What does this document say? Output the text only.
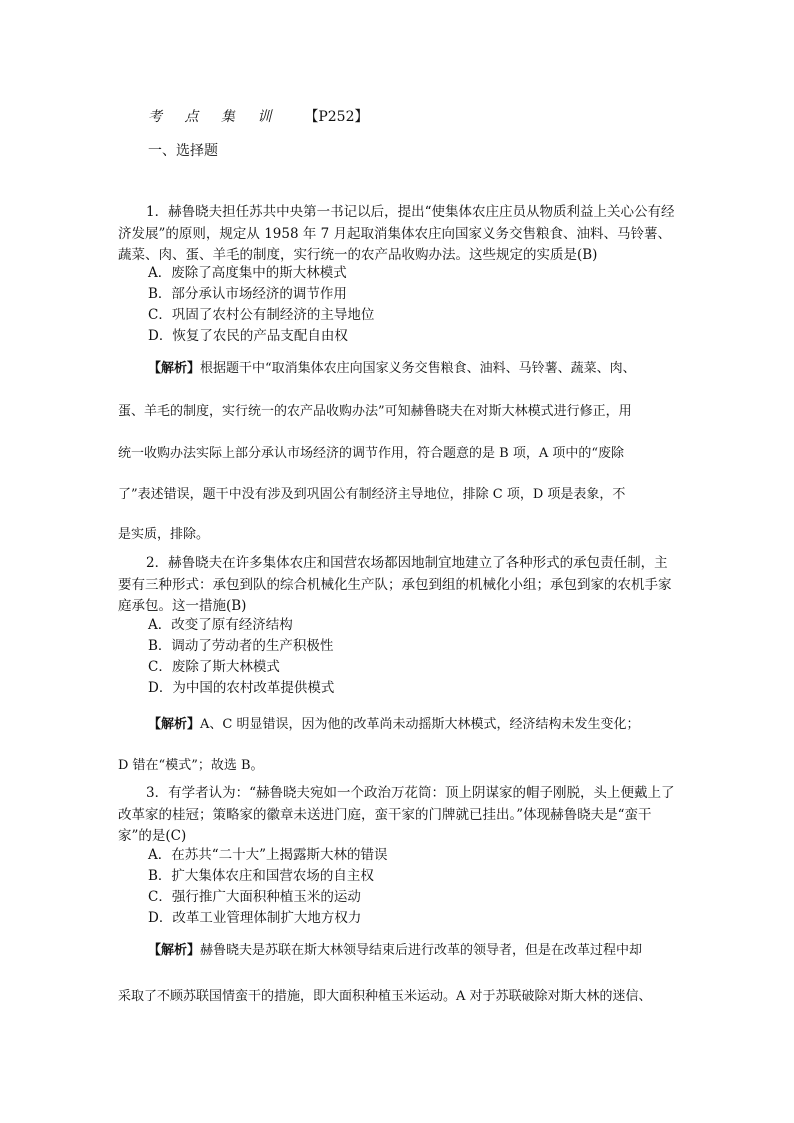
考 点 集 训 【P252】
一、选择题
1．赫鲁晓夫担任苏共中央第一书记以后，提出“使集体农庄庄员从物质利益上关心公有经济发展”的原则，规定从 1958 年 7 月起取消集体农庄向国家义务交售粮食、油料、马铃薯、蔬菜、肉、蛋、羊毛的制度，实行统一的农产品收购办法。这些规定的实质是(B)
A．废除了高度集中的斯大林模式
B．部分承认市场经济的调节作用
C．巩固了农村公有制经济的主导地位
D．恢复了农民的产品支配自由权
【解析】根据题干中“取消集体农庄向国家义务交售粮食、油料、马铃薯、蔬菜、肉、
蛋、羊毛的制度，实行统一的农产品收购办法”可知赫鲁晓夫在对斯大林模式进行修正，用
统一收购办法实际上部分承认市场经济的调节作用，符合题意的是 B 项，A 项中的“废除
了”表述错误，题干中没有涉及到巩固公有制经济主导地位，排除 C 项，D 项是表象，不
是实质，排除。
2．赫鲁晓夫在许多集体农庄和国营农场都因地制宜地建立了各种形式的承包责任制，主要有三种形式：承包到队的综合机械化生产队；承包到组的机械化小组；承包到家的农机手家庭承包。这一措施(B)
A．改变了原有经济结构
B．调动了劳动者的生产积极性
C．废除了斯大林模式
D．为中国的农村改革提供模式
【解析】A、C 明显错误，因为他的改革尚未动摇斯大林模式，经济结构未发生变化；
D 错在“模式”；故选 B。
3．有学者认为：“赫鲁晓夫宛如一个政治万花筒：顶上阴谋家的帽子刚脱，头上便戴上了改革家的桂冠；策略家的徽章未送进门庭，蛮干家的门牌就已挂出。”体现赫鲁晓夫是“蛮干家”的是(C)
A．在苏共“二十大”上揭露斯大林的错误
B．扩大集体农庄和国营农场的自主权
C．强行推广大面积种植玉米的运动
D．改革工业管理体制扩大地方权力
【解析】赫鲁晓夫是苏联在斯大林领导结束后进行改革的领导者，但是在改革过程中却
采取了不顾苏联国情蛮干的措施，即大面积种植玉米运动。A 对于苏联破除对斯大林的迷信、
